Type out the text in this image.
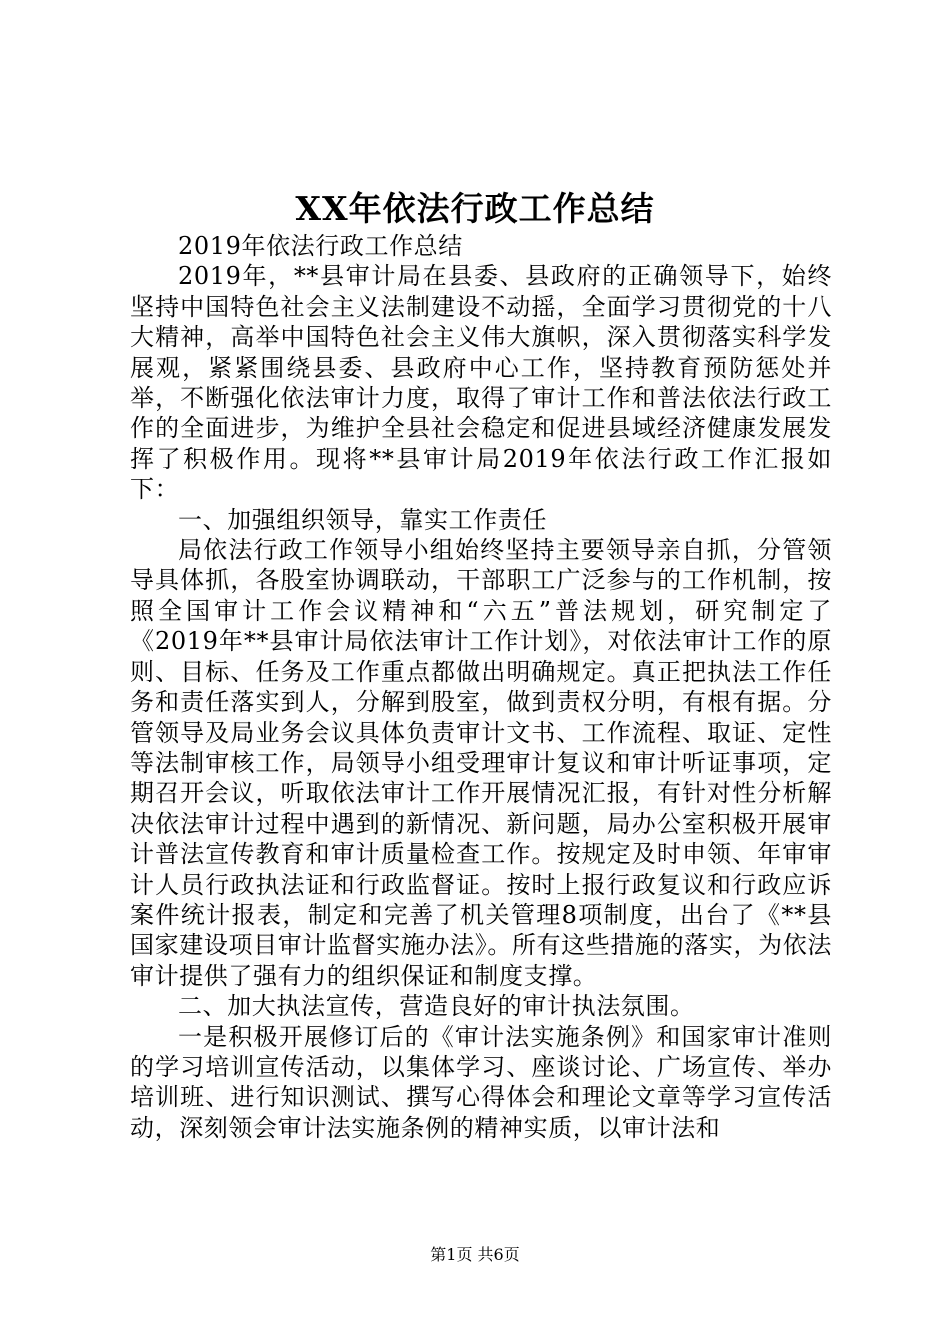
XX年依法行政工作总结

2019年依法行政工作总结

2019年，**县审计局在县委、县政府的正确领导下，始终坚持中国特色社会主义法制建设不动摇，全面学习贯彻党的十八大精神，高举中国特色社会主义伟大旗帜，深入贯彻落实科学发展观，紧紧围绕县委、县政府中心工作，坚持教育预防惩处并举，不断强化依法审计力度，取得了审计工作和普法依法行政工作的全面进步，为维护全县社会稳定和促进县域经济健康发展发挥了积极作用。现将**县审计局2019年依法行政工作汇报如下：

一、加强组织领导，靠实工作责任

局依法行政工作领导小组始终坚持主要领导亲自抓，分管领导具体抓，各股室协调联动，干部职工广泛参与的工作机制，按照全国审计工作会议精神和“六五”普法规划，研究制定了《2019年**县审计局依法审计工作计划》，对依法审计工作的原则、目标、任务及工作重点都做出明确规定。真正把执法工作任务和责任落实到人，分解到股室，做到责权分明，有根有据。分管领导及局业务会议具体负责审计文书、工作流程、取证、定性等法制审核工作，局领导小组受理审计复议和审计听证事项，定期召开会议，听取依法审计工作开展情况汇报，有针对性分析解决依法审计过程中遇到的新情况、新问题，局办公室积极开展审计普法宣传教育和审计质量检查工作。按规定及时申领、年审审计人员行政执法证和行政监督证。按时上报行政复议和行政应诉案件统计报表，制定和完善了机关管理8项制度，出台了《**县国家建设项目审计监督实施办法》。所有这些措施的落实，为依法审计提供了强有力的组织保证和制度支撑。

二、加大执法宣传，营造良好的审计执法氛围。

一是积极开展修订后的《审计法实施条例》和国家审计准则的学习培训宣传活动，以集体学习、座谈讨论、广场宣传、举办培训班、进行知识测试、撰写心得体会和理论文章等学习宣传活动，深刻领会审计法实施条例的精神实质，以审计法和

第1页 共6页
